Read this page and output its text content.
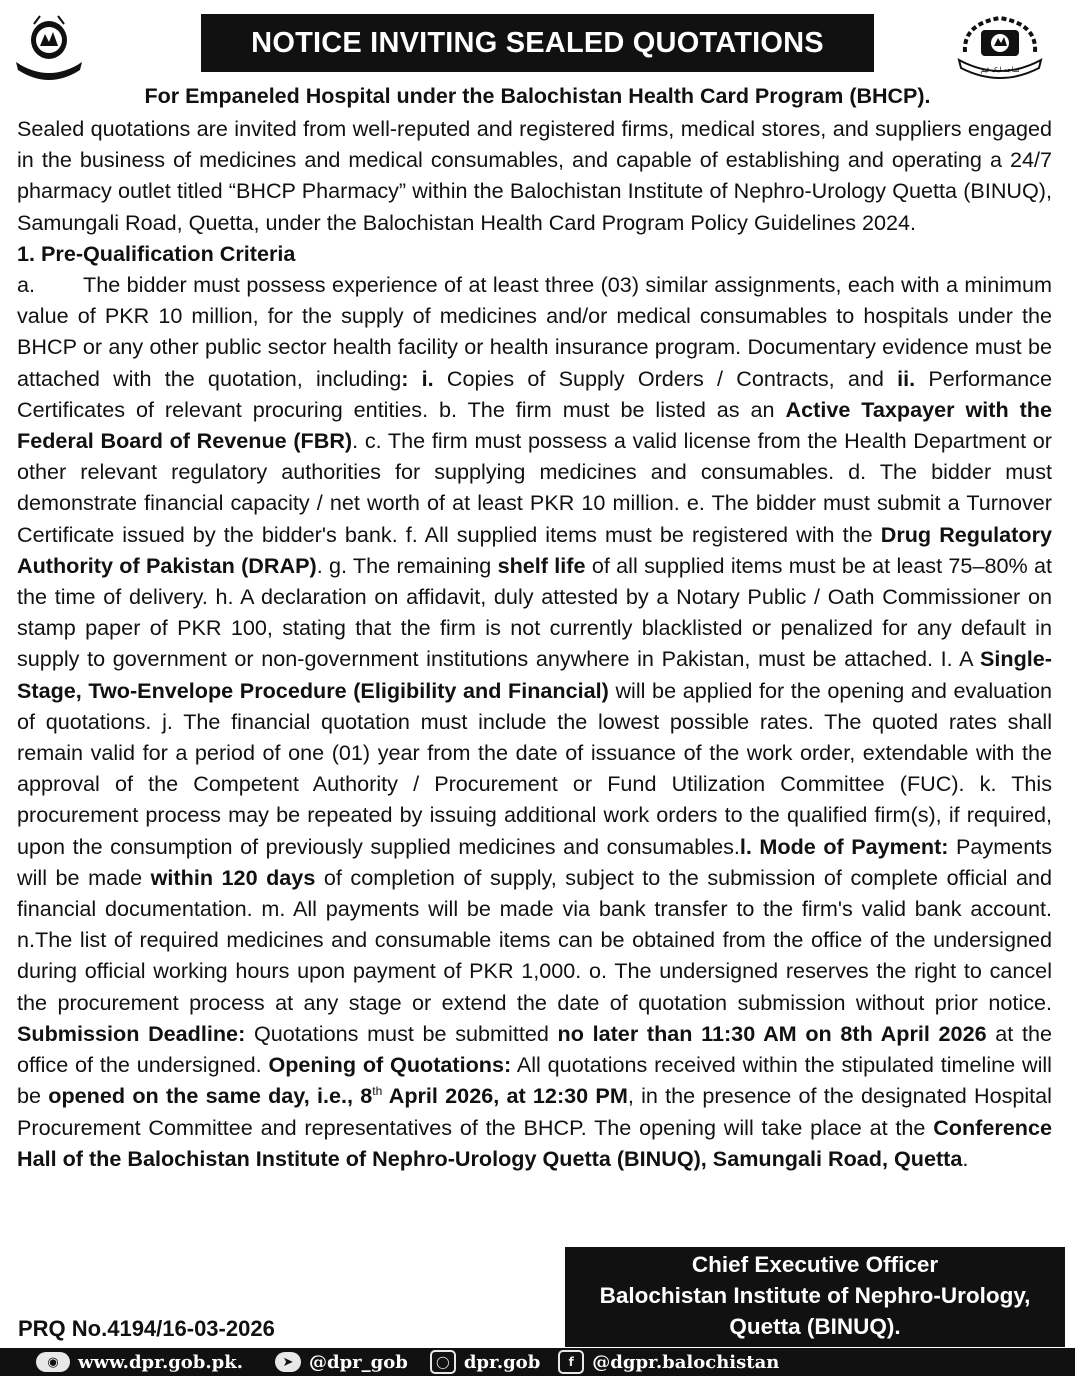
NOTICE INVITING SEALED QUOTATIONS
ساجد ایک ٹیم
For Empaneled Hospital under the Balochistan Health Card Program (BHCP).

Sealed quotations are invited from well-reputed and registered firms, medical stores, and suppliers engaged in the business of medicines and medical consumables, and capable of establishing and operating a 24/7 pharmacy outlet titled “BHCP Pharmacy” within the Balochistan Institute of Nephro-Urology Quetta (BINUQ), Samungali Road, Quetta, under the Balochistan Health Card Program Policy Guidelines 2024.

1. Pre-Qualification Criteria

a. The bidder must possess experience of at least three (03) similar assignments, each with a minimum value of PKR 10 million, for the supply of medicines and/or medical consumables to hospitals under the BHCP or any other public sector health facility or health insurance program. Documentary evidence must be attached with the quotation, including: i. Copies of Supply Orders / Contracts, and ii. Performance Certificates of relevant procuring entities. b. The firm must be listed as an Active Taxpayer with the Federal Board of Revenue (FBR). c. The firm must possess a valid license from the Health Department or other relevant regulatory authorities for supplying medicines and consumables. d. The bidder must demonstrate financial capacity / net worth of at least PKR 10 million. e. The bidder must submit a Turnover Certificate issued by the bidder's bank. f. All supplied items must be registered with the Drug Regulatory Authority of Pakistan (DRAP). g. The remaining shelf life of all supplied items must be at least 75–80% at the time of delivery. h. A declaration on affidavit, duly attested by a Notary Public / Oath Commissioner on stamp paper of PKR 100, stating that the firm is not currently blacklisted or penalized for any default in supply to government or non-government institutions anywhere in Pakistan, must be attached. I. A Single-Stage, Two-Envelope Procedure (Eligibility and Financial) will be applied for the opening and evaluation of quotations. j. The financial quotation must include the lowest possible rates. The quoted rates shall remain valid for a period of one (01) year from the date of issuance of the work order, extendable with the approval of the Competent Authority / Procurement or Fund Utilization Committee (FUC). k. This procurement process may be repeated by issuing additional work orders to the qualified firm(s), if required, upon the consumption of previously supplied medicines and consumables.l. Mode of Payment: Payments will be made within 120 days of completion of supply, subject to the submission of complete official and financial documentation. m. All payments will be made via bank transfer to the firm's valid bank account. n.The list of required medicines and consumable items can be obtained from the office of the undersigned during official working hours upon payment of PKR 1,000. o. The undersigned reserves the right to cancel the procurement process at any stage or extend the date of quotation submission without prior notice. Submission Deadline: Quotations must be submitted no later than 11:30 AM on 8th April 2026 at the office of the undersigned. Opening of Quotations: All quotations received within the stipulated timeline will be opened on the same day, i.e., 8th April 2026, at 12:30 PM, in the presence of the designated Hospital Procurement Committee and representatives of the BHCP. The opening will take place at the Conference Hall of the Balochistan Institute of Nephro-Urology Quetta (BINUQ), Samungali Road, Quetta.

Chief Executive Officer
Balochistan Institute of Nephro-Urology,
Quetta (BINUQ).
PRQ No.4194/16-03-2026
◉	www.dpr.gob.pk.	➤ @dpr_gob	◯ dpr.gob	f	@dgpr.balochistan
